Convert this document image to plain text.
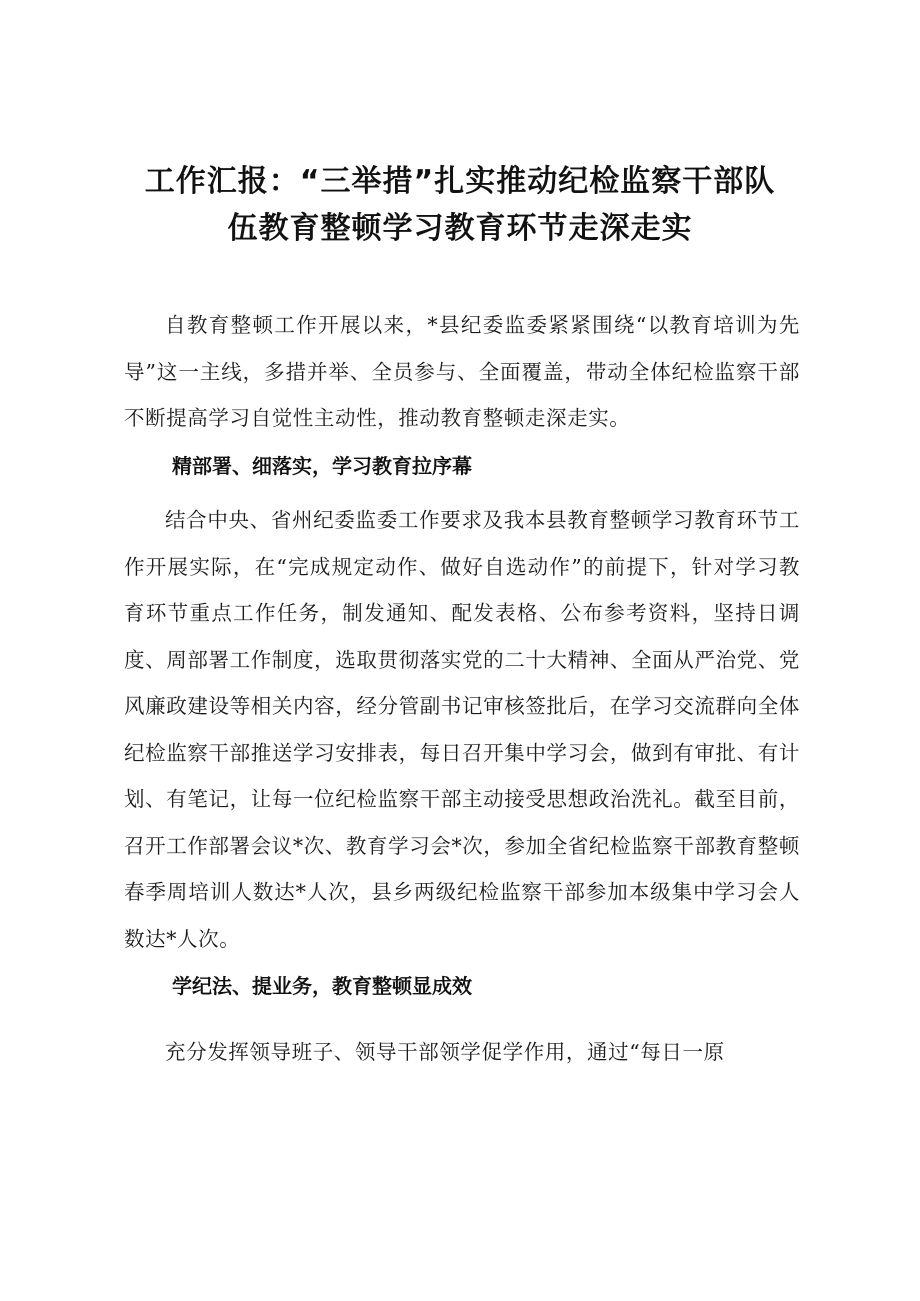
工作汇报：“三举措”扎实推动纪检监察干部队
伍教育整顿学习教育环节走深走实

自教育整顿工作开展以来，*县纪委监委紧紧围绕“以教育培训为先导”这一主线，多措并举、全员参与、全面覆盖，带动全体纪检监察干部不断提高学习自觉性主动性，推动教育整顿走深走实。

精部署、细落实，学习教育拉序幕

结合中央、省州纪委监委工作要求及我本县教育整顿学习教育环节工作开展实际，在“完成规定动作、做好自选动作”的前提下，针对学习教育环节重点工作任务，制发通知、配发表格、公布参考资料，坚持日调度、周部署工作制度，选取贯彻落实党的二十大精神、全面从严治党、党风廉政建设等相关内容，经分管副书记审核签批后，在学习交流群向全体纪检监察干部推送学习安排表，每日召开集中学习会，做到有审批、有计划、有笔记，让每一位纪检监察干部主动接受思想政治洗礼。截至目前，召开工作部署会议*次、教育学习会*次，参加全省纪检监察干部教育整顿春季周培训人数达*人次，县乡两级纪检监察干部参加本级集中学习会人数达*人次。

学纪法、提业务，教育整顿显成效

充分发挥领导班子、领导干部领学促学作用，通过“每日一原
